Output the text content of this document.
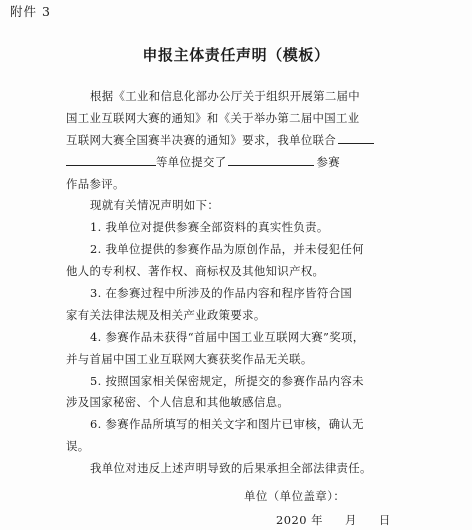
附件 3
申报主体责任声明（模板）
根据《工业和信息化部办公厅关于组织开展第二届中
国工业互联网大赛的通知》和《关于举办第二届中国工业
互联网大赛全国赛半决赛的通知》要求，我单位联合
等单位提交了	参赛
作品参评。
现就有关情况声明如下：
1. 我单位对提供参赛全部资料的真实性负责。
2. 我单位提供的参赛作品为原创作品，并未侵犯任何
他人的专利权、著作权、商标权及其他知识产权。
3. 在参赛过程中所涉及的作品内容和程序皆符合国
家有关法律法规及相关产业政策要求。
4. 参赛作品未获得“首届中国工业互联网大赛”奖项，
并与首届中国工业互联网大赛获奖作品无关联。
5. 按照国家相关保密规定，所提交的参赛作品内容未
涉及国家秘密、个人信息和其他敏感信息。
6. 参赛作品所填写的相关文字和图片已审核，确认无
误。
我单位对违反上述声明导致的后果承担全部法律责任。
单位（单位盖章）：
2020 年 月 日
